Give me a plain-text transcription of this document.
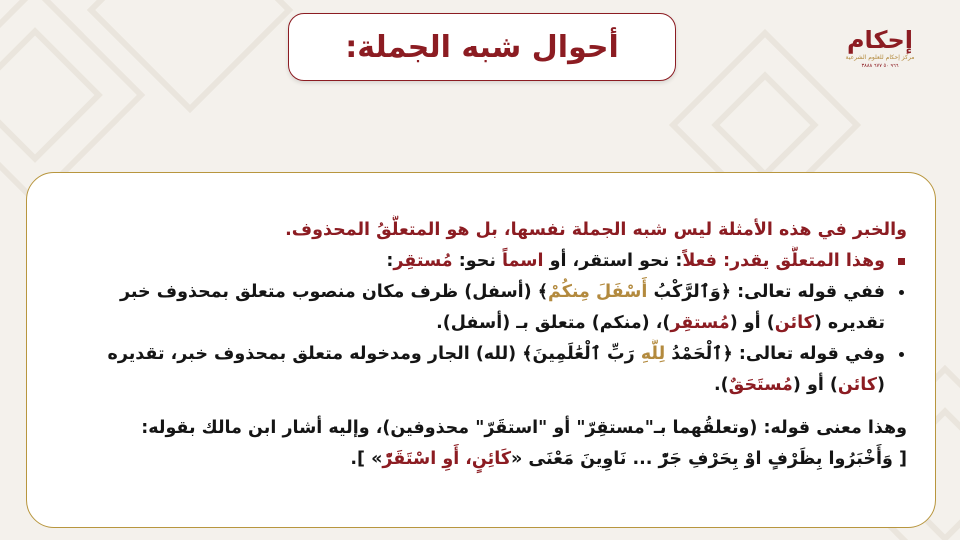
أحوال شبه الجملة:	إحكام
مركز إحكام للعلوم الشرعية
٩٦٦ ٥٠ ٦٧٧ ٣٨٨٨
والخبر في هذه الأمثلة ليس شبه الجملة نفسها، بل هو المتعلَّقُ المحذوف.
وهذا المتعلَّق يقدر: فعلاً: نحو استقر، أو اسماً نحو: مُستقِر:
ففي قوله تعالى: ﴿وَٱلرَّكْبُ أَسْفَلَ مِنكُمْ﴾ (أسفل) ظرف مكان منصوب متعلق بمحذوف خبر تقديره (كائن) أو (مُستقِر)، (منكم) متعلق بـ (أسفل).
وفي قوله تعالى: ﴿ٱلْحَمْدُ لِلَّهِ رَبِّ ٱلْعَٰلَمِينَ﴾ (لله) الجار ومدخوله متعلق بمحذوف خبر، تقديره (كائن) أو (مُستَحَقٌ).
وهذا معنى قوله: (وتعلقُهما بـ"مستقِرّ" أو "استقَرّ" محذوفين)، وإليه أشار ابن مالك بقوله:
[ وَأَخْبَرُوا بِظَرْفٍ اوْ بِحَرْفِ جَرّْ ... نَاوِينَ مَعْنَى «كَائِنٍ، أَوِ اسْتَقَرّْ» ].
